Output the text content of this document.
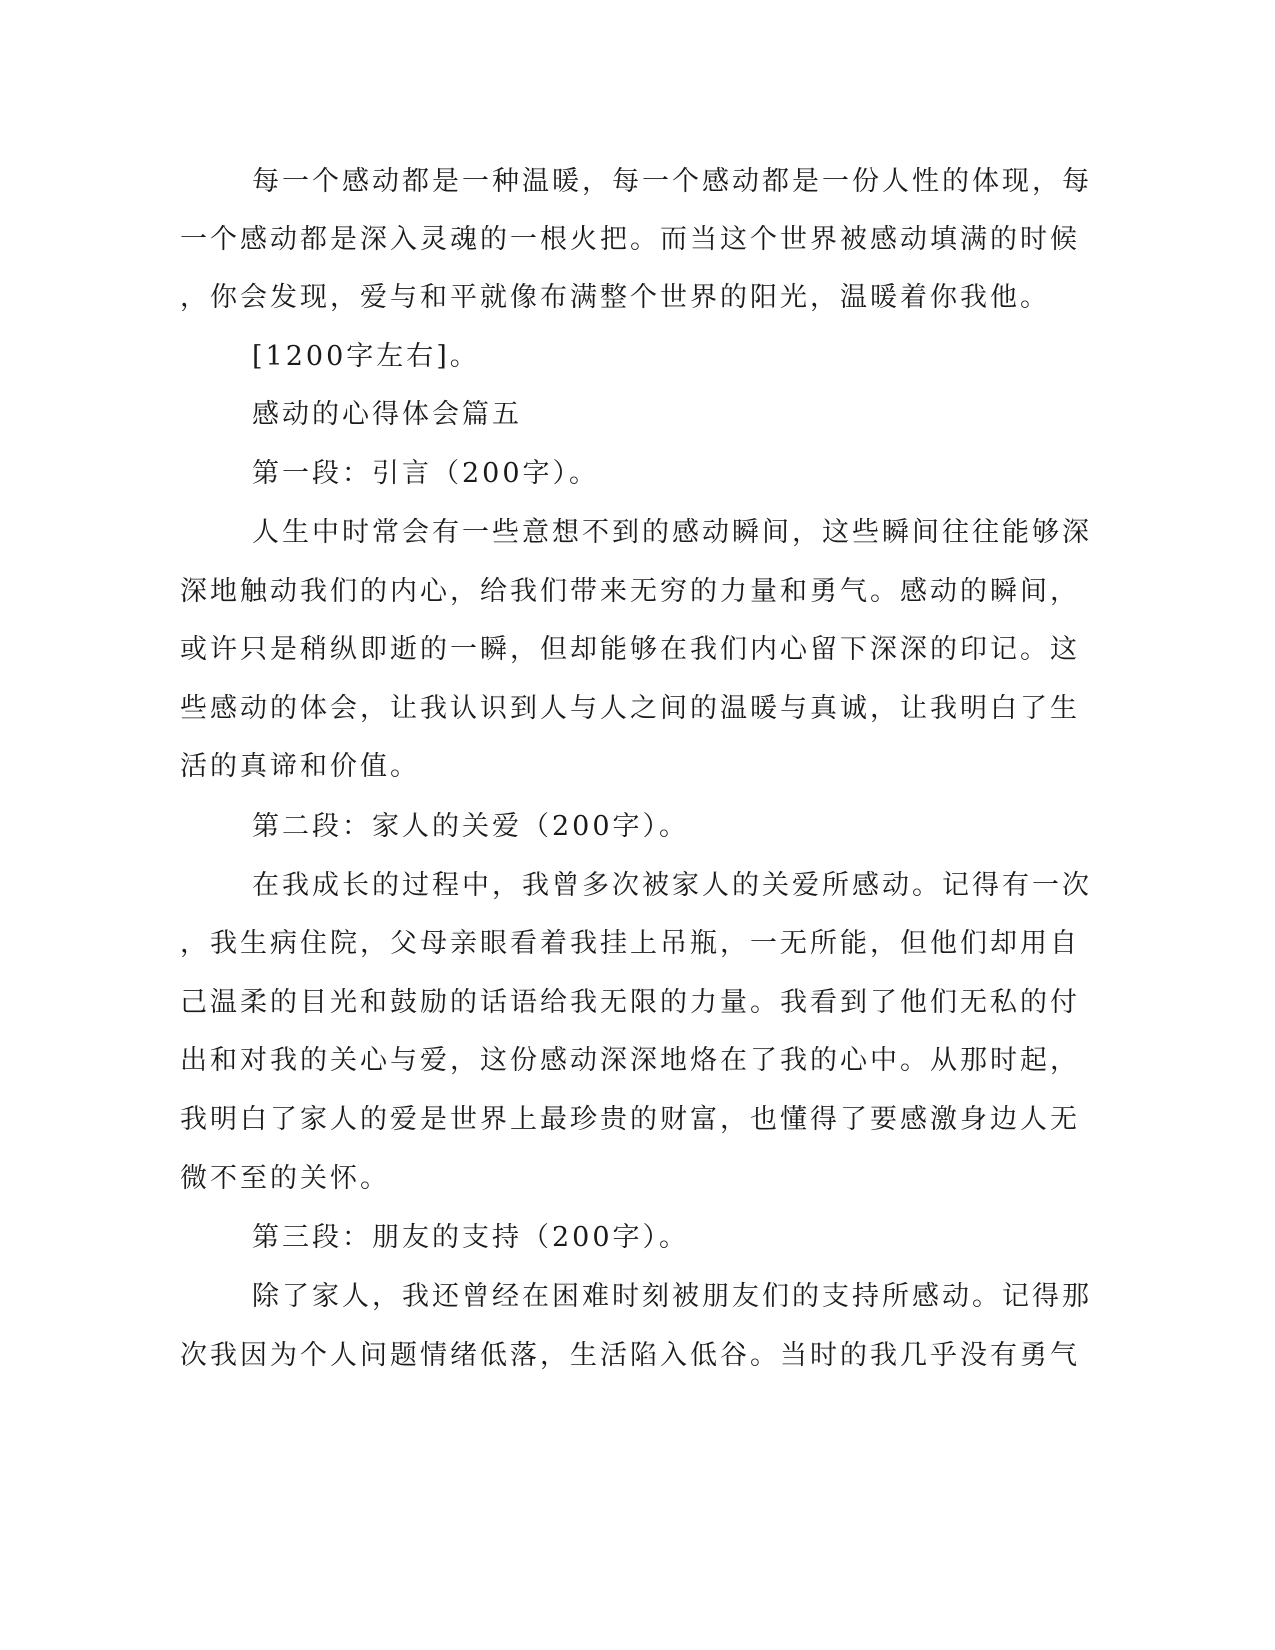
每一个感动都是一种温暖，每一个感动都是一份人性的体现，每
一个感动都是深入灵魂的一根火把。而当这个世界被感动填满的时候
，你会发现，爱与和平就像布满整个世界的阳光，温暖着你我他。
[1200字左右]。
感动的心得体会篇五
第一段：引言（200字）。
人生中时常会有一些意想不到的感动瞬间，这些瞬间往往能够深
深地触动我们的内心，给我们带来无穷的力量和勇气。感动的瞬间，
或许只是稍纵即逝的一瞬，但却能够在我们内心留下深深的印记。这
些感动的体会，让我认识到人与人之间的温暖与真诚，让我明白了生
活的真谛和价值。
第二段：家人的关爱（200字）。
在我成长的过程中，我曾多次被家人的关爱所感动。记得有一次
，我生病住院，父母亲眼看着我挂上吊瓶，一无所能，但他们却用自
己温柔的目光和鼓励的话语给我无限的力量。我看到了他们无私的付
出和对我的关心与爱，这份感动深深地烙在了我的心中。从那时起，
我明白了家人的爱是世界上最珍贵的财富，也懂得了要感激身边人无
微不至的关怀。
第三段：朋友的支持（200字）。
除了家人，我还曾经在困难时刻被朋友们的支持所感动。记得那
次我因为个人问题情绪低落，生活陷入低谷。当时的我几乎没有勇气
